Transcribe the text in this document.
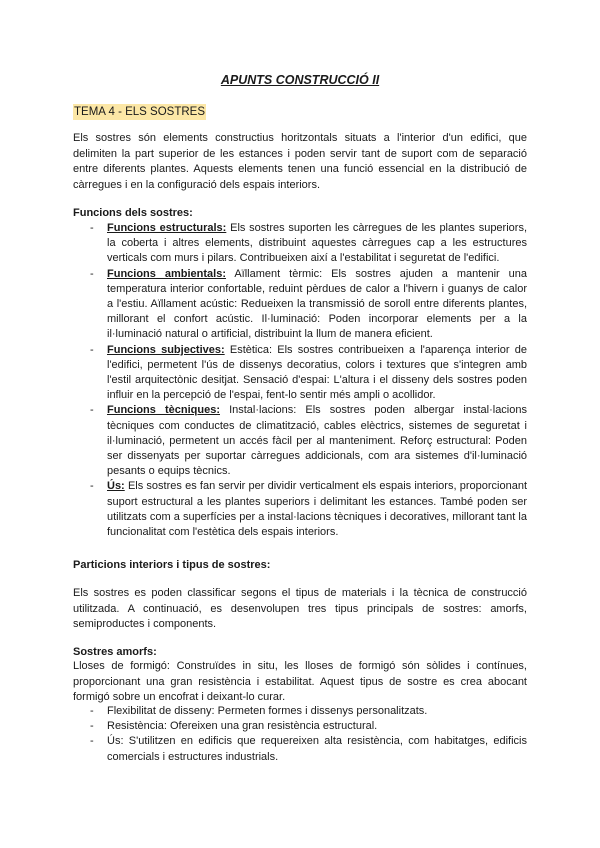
APUNTS CONSTRUCCIÓ II
TEMA 4 - ELS SOSTRES

Els sostres són elements constructius horitzontals situats a l'interior d'un edifici, que delimiten la part superior de les estances i poden servir tant de suport com de separació entre diferents plantes. Aquests elements tenen una funció essencial en la distribució de càrregues i en la configuració dels espais interiors.

Funcions dels sostres:

- Funcions estructurals: Els sostres suporten les càrregues de les plantes superiors, la coberta i altres elements, distribuint aquestes càrregues cap a les estructures verticals com murs i pilars. Contribueixen així a l'estabilitat i seguretat de l'edifici.
- Funcions ambientals: Aïllament tèrmic: Els sostres ajuden a mantenir una temperatura interior confortable, reduint pèrdues de calor a l'hivern i guanys de calor a l'estiu. Aïllament acústic: Redueixen la transmissió de soroll entre diferents plantes, millorant el confort acústic. Il·luminació: Poden incorporar elements per a la il·luminació natural o artificial, distribuint la llum de manera eficient.
- Funcions subjectives: Estètica: Els sostres contribueixen a l'aparença interior de l'edifici, permetent l'ús de dissenys decoratius, colors i textures que s'integren amb l'estil arquitectònic desitjat. Sensació d'espai: L'altura i el disseny dels sostres poden influir en la percepció de l'espai, fent-lo sentir més ampli o acollidor.
- Funcions tècniques: Instal·lacions: Els sostres poden albergar instal·lacions tècniques com conductes de climatització, cables elèctrics, sistemes de seguretat i il·luminació, permetent un accés fàcil per al manteniment. Reforç estructural: Poden ser dissenyats per suportar càrregues addicionals, com ara sistemes d'il·luminació pesants o equips tècnics.
- Ús: Els sostres es fan servir per dividir verticalment els espais interiors, proporcionant suport estructural a les plantes superiors i delimitant les estances. També poden ser utilitzats com a superfícies per a instal·lacions tècniques i decoratives, millorant tant la funcionalitat com l'estètica dels espais interiors.

Particions interiors i tipus de sostres:

Els sostres es poden classificar segons el tipus de materials i la tècnica de construcció utilitzada. A continuació, es desenvolupen tres tipus principals de sostres: amorfs, semiproductes i components.

Sostres amorfs:

Lloses de formigó: Construïdes in situ, les lloses de formigó són sòlides i contínues, proporcionant una gran resistència i estabilitat. Aquest tipus de sostre es crea abocant formigó sobre un encofrat i deixant-lo curar.

- Flexibilitat de disseny: Permeten formes i dissenys personalitzats.
- Resistència: Ofereixen una gran resistència estructural.
- Ús: S'utilitzen en edificis que requereixen alta resistència, com habitatges, edificis comercials i estructures industrials.
